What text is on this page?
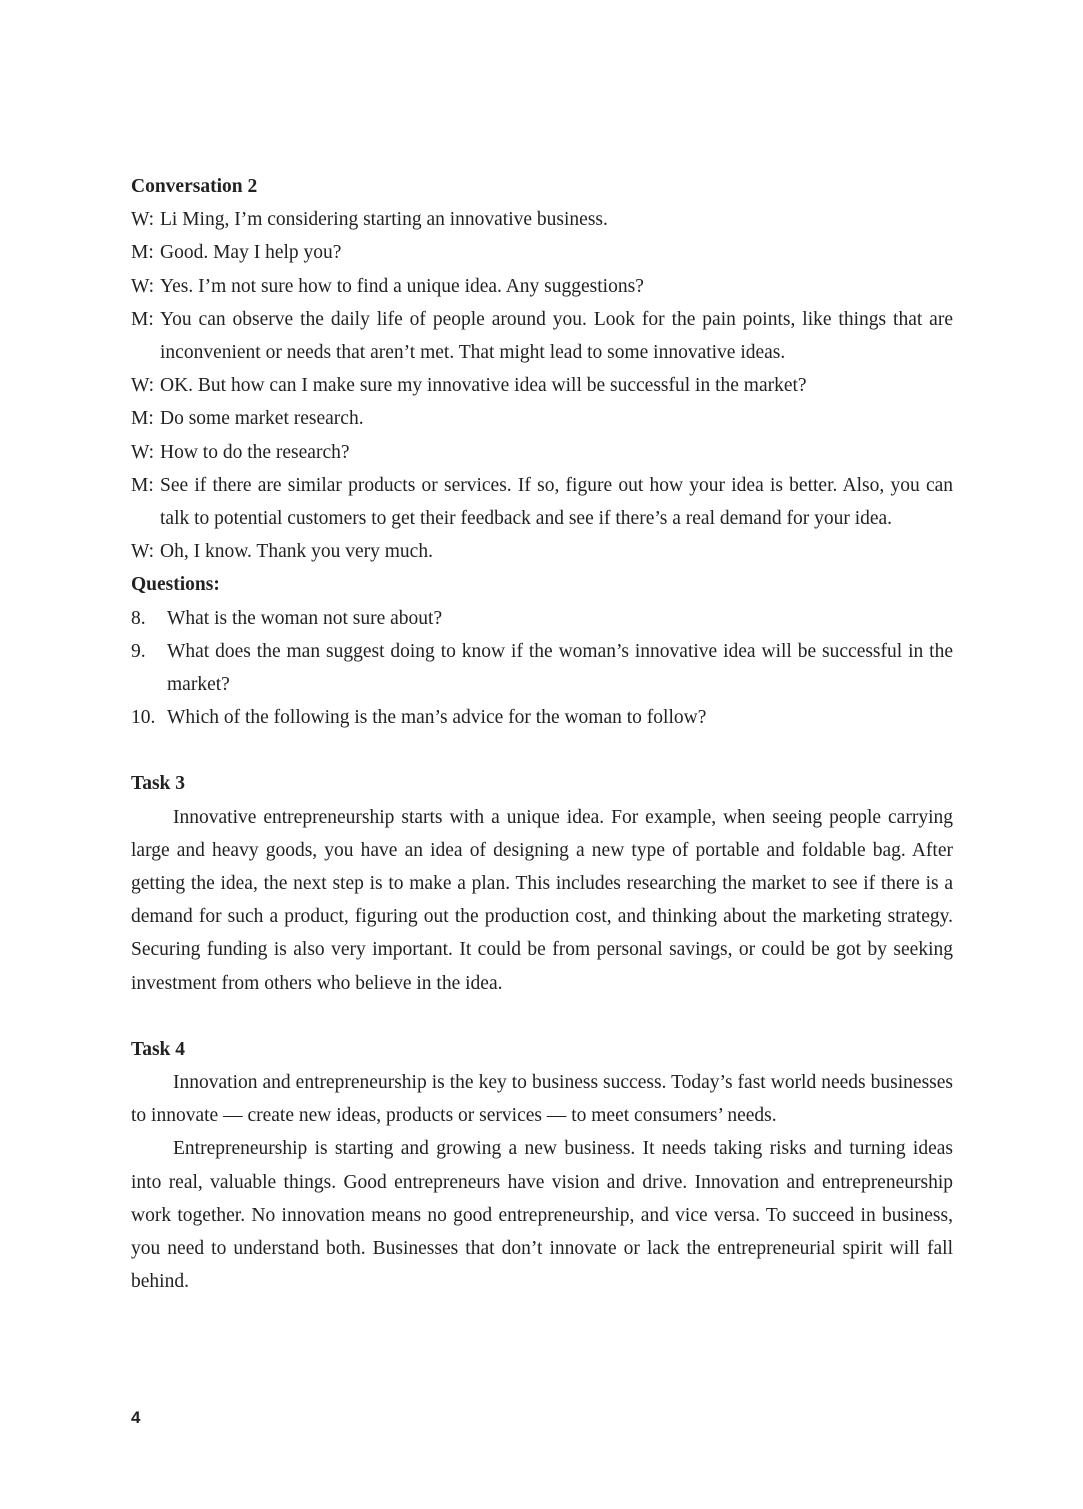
Conversation 2
W: Li Ming, I’m considering starting an innovative business.
M: Good. May I help you?
W: Yes. I’m not sure how to find a unique idea. Any suggestions?
M: You can observe the daily life of people around you. Look for the pain points, like things that are inconvenient or needs that aren’t met. That might lead to some innovative ideas.
W: OK. But how can I make sure my innovative idea will be successful in the market?
M: Do some market research.
W: How to do the research?
M: See if there are similar products or services. If so, figure out how your idea is better. Also, you can talk to potential customers to get their feedback and see if there’s a real demand for your idea.
W: Oh, I know. Thank you very much.
Questions:
8. What is the woman not sure about?
9. What does the man suggest doing to know if the woman’s innovative idea will be successful in the market?
10. Which of the following is the man’s advice for the woman to follow?
Task 3
Innovative entrepreneurship starts with a unique idea. For example, when seeing people carrying large and heavy goods, you have an idea of designing a new type of portable and foldable bag. After getting the idea, the next step is to make a plan. This includes researching the market to see if there is a demand for such a product, figuring out the production cost, and thinking about the marketing strategy. Securing funding is also very important. It could be from personal savings, or could be got by seeking investment from others who believe in the idea.
Task 4
Innovation and entrepreneurship is the key to business success. Today’s fast world needs businesses to innovate — create new ideas, products or services — to meet consumers’ needs.
Entrepreneurship is starting and growing a new business. It needs taking risks and turning ideas into real, valuable things. Good entrepreneurs have vision and drive. Innovation and entrepreneurship work together. No innovation means no good entrepreneurship, and vice versa. To succeed in business, you need to understand both. Businesses that don’t innovate or lack the entrepreneurial spirit will fall behind.
4
